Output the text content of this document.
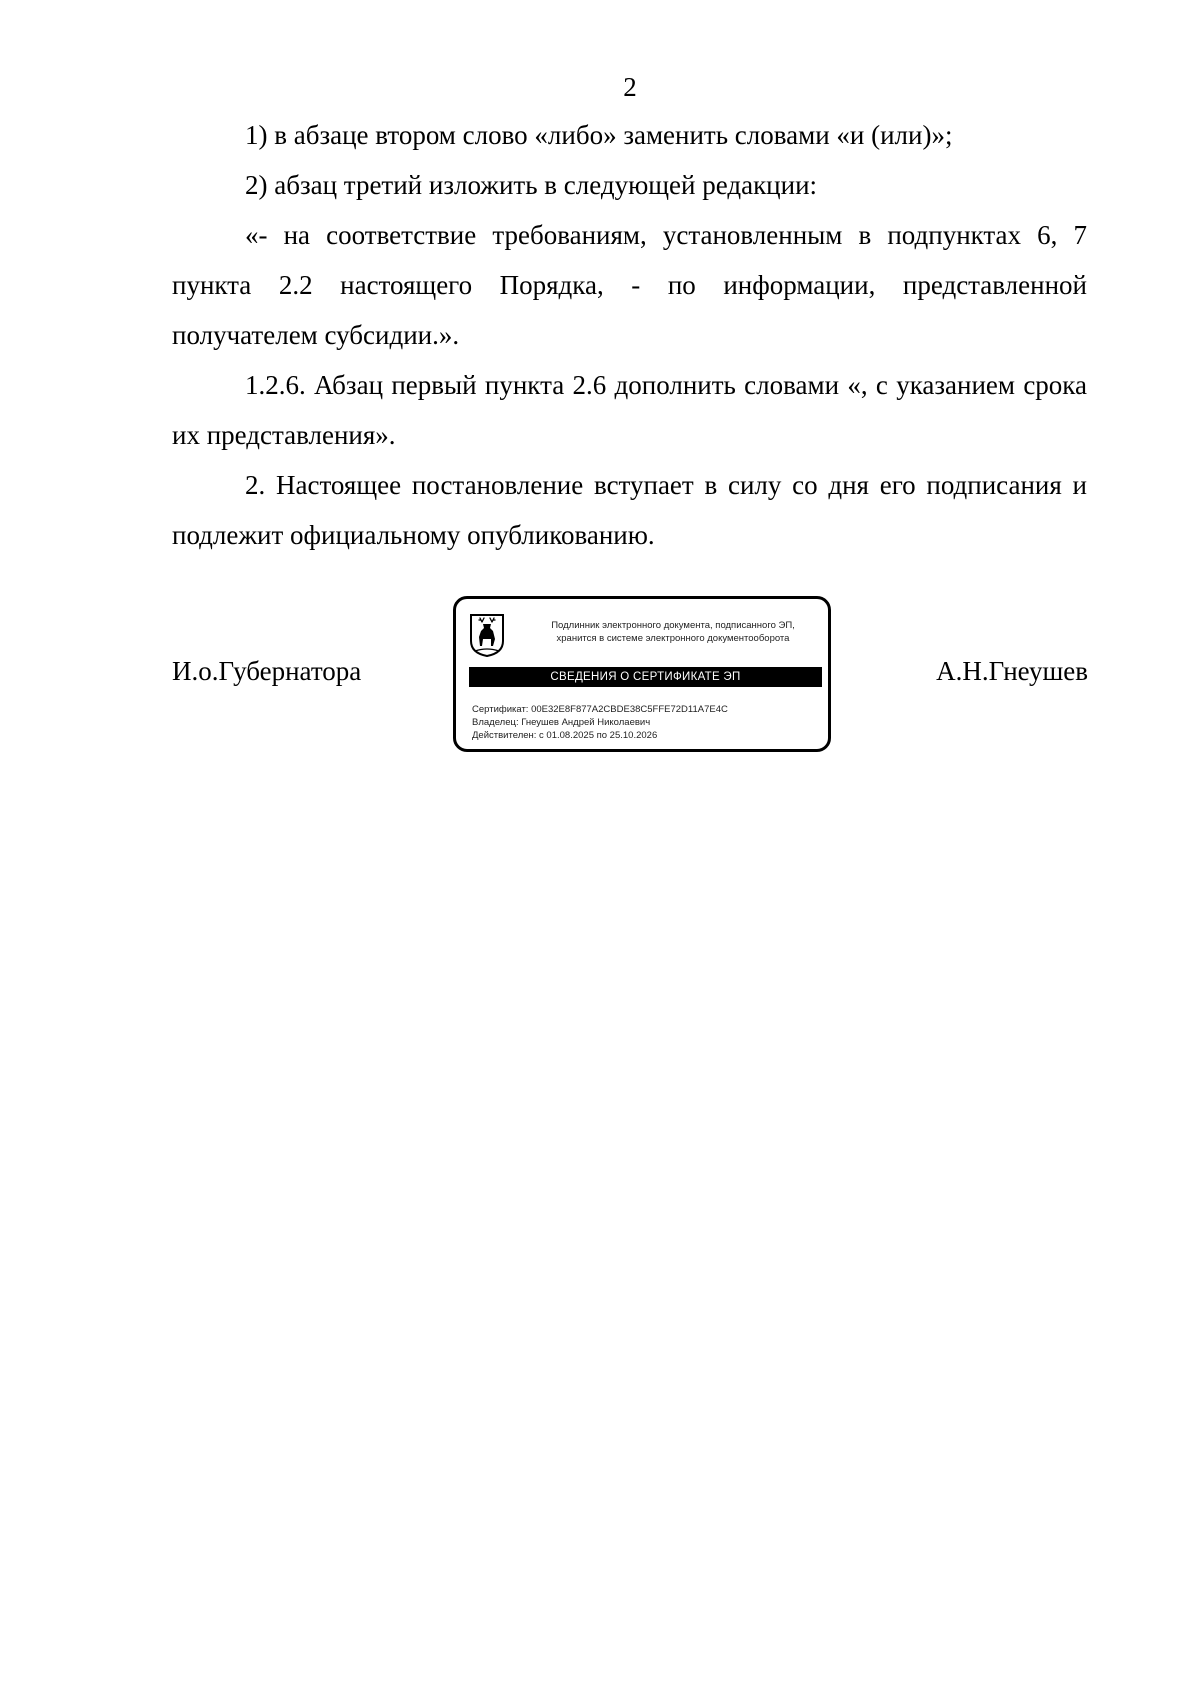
2

1) в абзаце втором слово «либо» заменить словами «и (или)»;

2) абзац третий изложить в следующей редакции:

«- на соответствие требованиям, установленным в подпунктах 6, 7 пункта 2.2 настоящего Порядка, - по информации, представленной получателем субсидии.».

1.2.6. Абзац первый пункта 2.6 дополнить словами «, с указанием срока их представления».

2. Настоящее постановление вступает в силу со дня его подписания и подлежит официальному опубликованию.

И.о.Губернатора
Подлинник электронного документа, подписанного ЭП,
хранится в системе электронного документооборота
СВЕДЕНИЯ О СЕРТИФИКАТЕ ЭП
Сертификат: 00E32E8F877A2CBDE38C5FFE72D11A7E4C
Владелец: Гнеушев Андрей Николаевич
Действителен: с 01.08.2025 по 25.10.2026
А.Н.Гнеушев
